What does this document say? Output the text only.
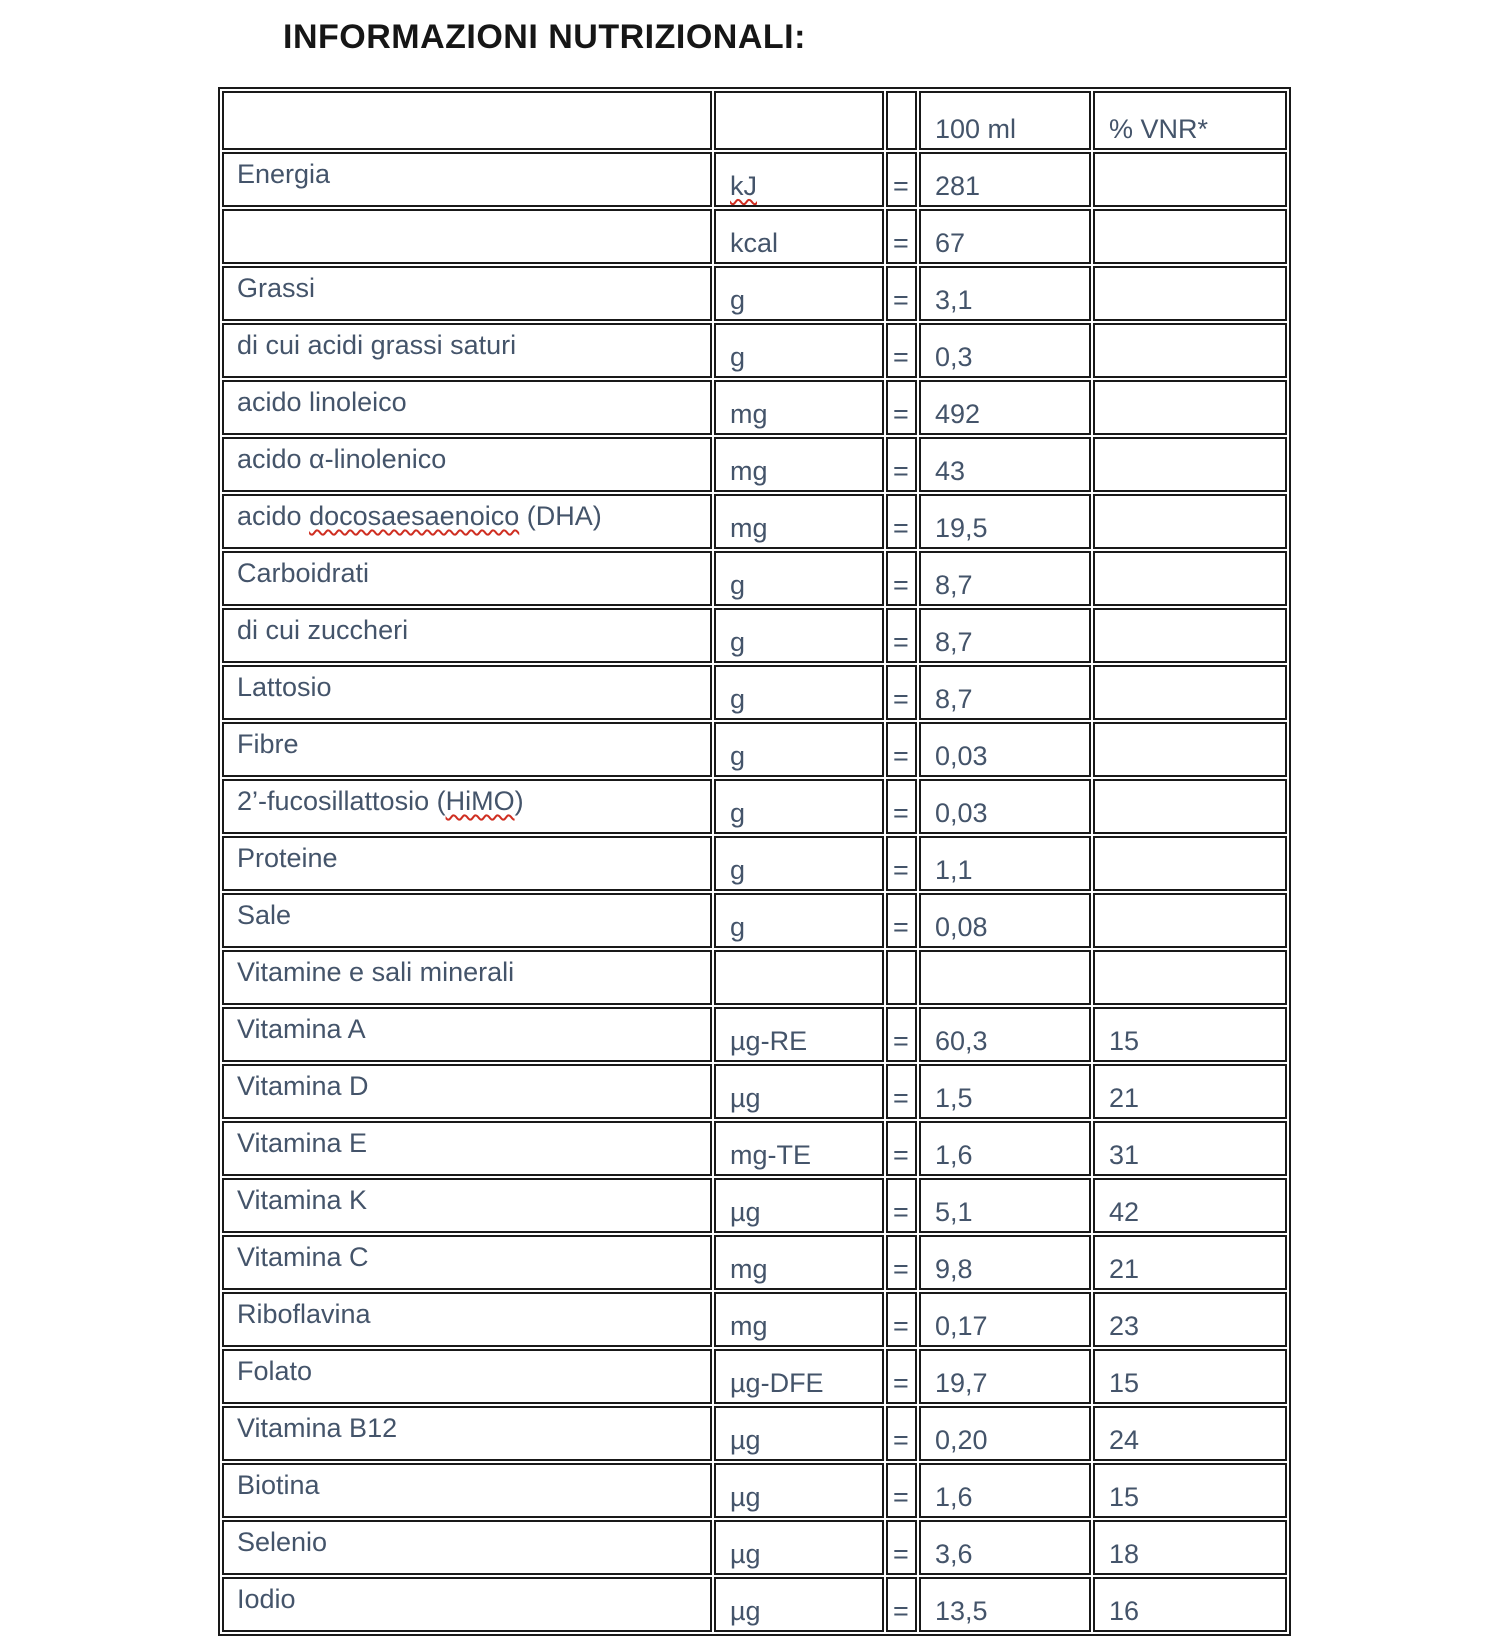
INFORMAZIONI NUTRIZIONALI:
			100 ml	% VNR*
Energia	kJ	=	281	
	kcal	=	67	
Grassi	g	=	3,1	
di cui acidi grassi saturi	g	=	0,3	
acido linoleico	mg	=	492	
acido α-linolenico	mg	=	43	
acido docosaesaenoico (DHA)	mg	=	19,5	
Carboidrati	g	=	8,7	
di cui zuccheri	g	=	8,7	
Lattosio	g	=	8,7	
Fibre	g	=	0,03	
2’-fucosillattosio (HiMO)	g	=	0,03	
Proteine	g	=	1,1	
Sale	g	=	0,08	
Vitamine e sali minerali				
Vitamina A	µg-RE	=	60,3	15
Vitamina D	µg	=	1,5	21
Vitamina E	mg-TE	=	1,6	31
Vitamina K	µg	=	5,1	42
Vitamina C	mg	=	9,8	21
Riboflavina	mg	=	0,17	23
Folato	µg-DFE	=	19,7	15
Vitamina B12	µg	=	0,20	24
Biotina	µg	=	1,6	15
Selenio	µg	=	3,6	18
Iodio	µg	=	13,5	16
